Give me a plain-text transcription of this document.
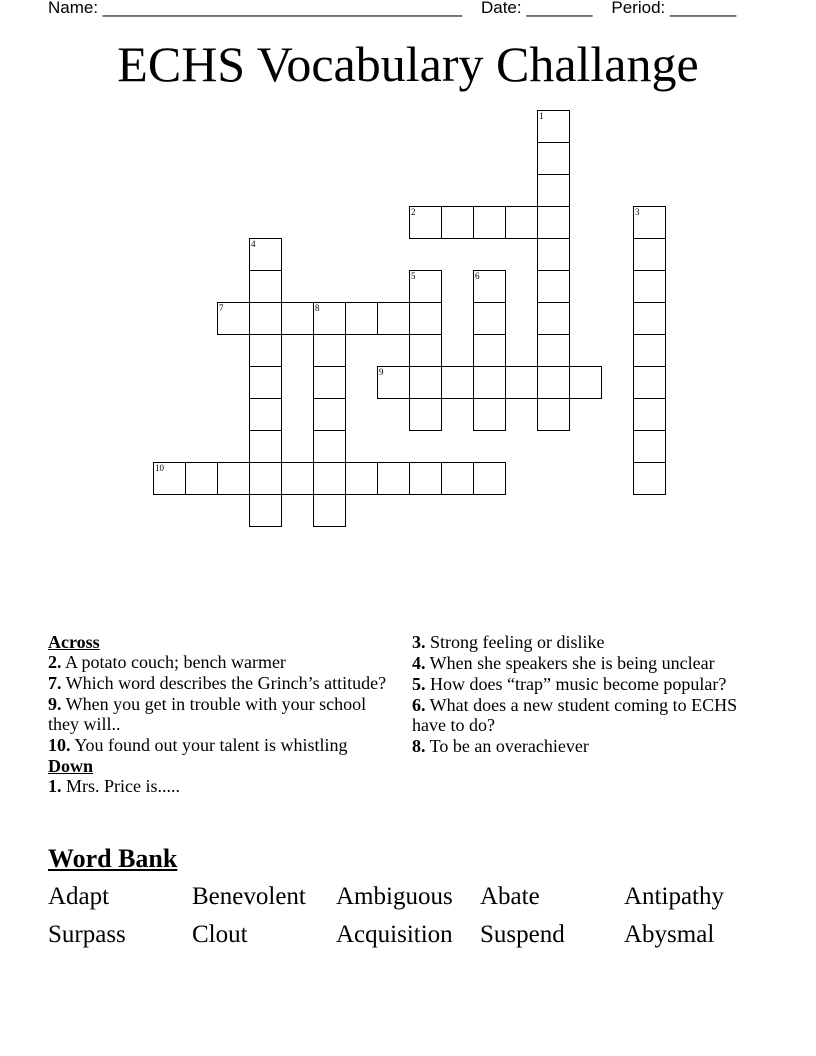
Name: ______________________________________    Date: _______    Period: _______
ECHS Vocabulary Challange
1
2	3
4
5	6
7	8
9
10
Across
2. A potato couch; bench warmer
7. Which word describes the Grinch’s attitude?
9. When you get in trouble with your school they will..
10. You found out your talent is whistling
Down
1. Mrs. Price is.....
3. Strong feeling or dislike
4. When she speakers she is being unclear
5. How does “trap” music become popular?
6. What does a new student coming to ECHS have to do?
8. To be an overachiever
Word Bank
Adapt	Benevolent	Ambiguous	Abate	Antipathy
Surpass	Clout	Acquisition	Suspend	Abysmal
